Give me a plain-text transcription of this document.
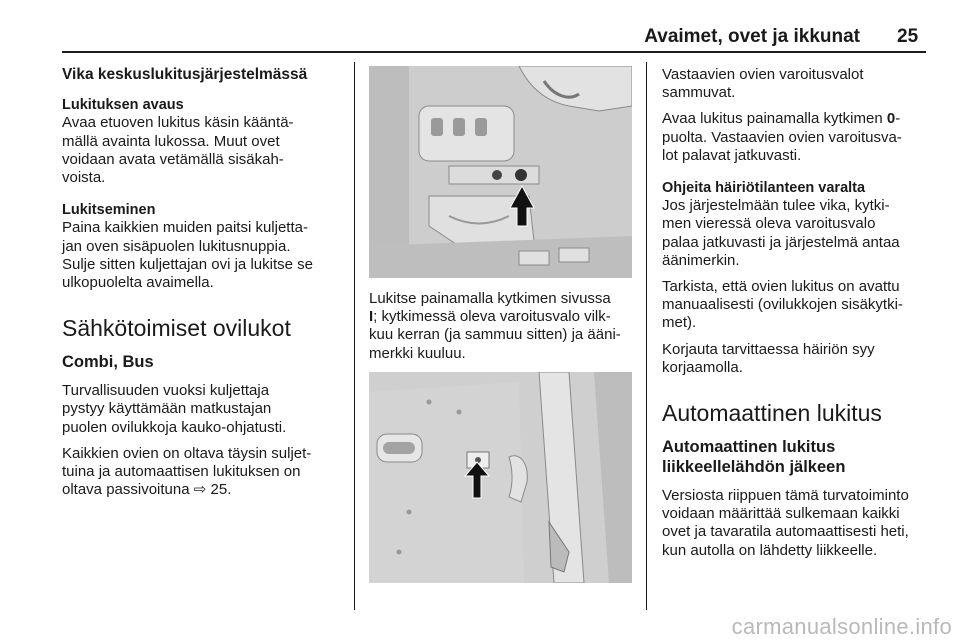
Avaimet, ovet ja ikkunat 25

Vika keskuslukitusjärjestelmässä

Lukituksen avaus

Avaa etuoven lukitus käsin kääntä-

mällä avainta lukossa. Muut ovet

voidaan avata vetämällä sisäkah-

voista.

Lukitseminen

Paina kaikkien muiden paitsi kuljetta-

jan oven sisäpuolen lukitusnuppia.

Sulje sitten kuljettajan ovi ja lukitse se

ulkopuolelta avaimella.

Sähkötoimiset ovilukot

Combi, Bus

Turvallisuuden vuoksi kuljettaja

pystyy käyttämään matkustajan

puolen ovilukkoja kauko-ohjatusti.

Kaikkien ovien on oltava täysin suljet-

tuina ja automaattisen lukituksen on

oltava passivoituna ⇨ 25.

Lukitse painamalla kytkimen sivussa

I; kytkimessä oleva varoitusvalo vilk-

kuu kerran (ja sammuu sitten) ja ääni-

merkki kuuluu.

Vastaavien ovien varoitusvalot

sammuvat.

Avaa lukitus painamalla kytkimen 0-

puolta. Vastaavien ovien varoitusva-

lot palavat jatkuvasti.

Ohjeita häiriötilanteen varalta

Jos järjestelmään tulee vika, kytki-

men vieressä oleva varoitusvalo

palaa jatkuvasti ja järjestelmä antaa

äänimerkin.

Tarkista, että ovien lukitus on avattu

manuaalisesti (ovilukkojen sisäkytki-

met).

Korjauta tarvittaessa häiriön syy

korjaamolla.

Automaattinen lukitus

Automaattinen lukitus

liikkeellelähdön jälkeen

Versiosta riippuen tämä turvatoiminto

voidaan määrittää sulkemaan kaikki

ovet ja tavaratila automaattisesti heti,

kun autolla on lähdetty liikkeelle.

carmanualsonline.info
